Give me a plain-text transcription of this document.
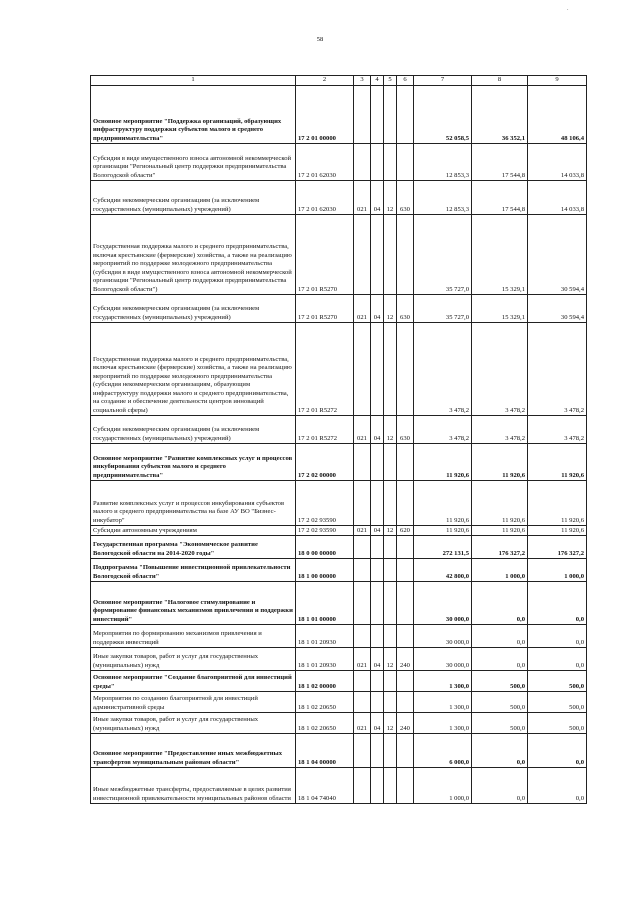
58
1	2	3	4	5	6	7	8	9
Основное мероприятие "Поддержка организаций, образующих инфраструктуру поддержки субъектов малого и среднего предпринимательства"	17 2 01 00000					52 058,5	36 352,1	48 106,4
Субсидия в виде имущественного взноса автономной некоммерческой организации "Региональный центр поддержки предпринимательства Вологодской области"	17 2 01 62030					12 853,3	17 544,8	14 033,8
Субсидии некоммерческим организациям (за исключением государственных (муниципальных) учреждений)	17 2 01 62030	021	04	12	630	12 853,3	17 544,8	14 033,8
Государственная поддержка малого и среднего предпринимательства, включая крестьянские (фермерские) хозяйства, а также на реализацию мероприятий по поддержке молодежного предпринимательства (субсидия в виде имущественного взноса автономной некоммерческой организации "Региональный центр поддержки предпринимательства Вологодской области")	17 2 01 R5270					35 727,0	15 329,1	30 594,4
Субсидии некоммерческим организациям (за исключением государственных (муниципальных) учреждений)	17 2 01 R5270	021	04	12	630	35 727,0	15 329,1	30 594,4
Государственная поддержка малого и среднего предпринимательства, включая крестьянские (фермерские) хозяйства, а также на реализацию мероприятий по поддержке молодежного предпринимательства (субсидия некоммерческим организациям, образующим инфраструктуру поддержки малого и среднего предпринимательства, на создание и обеспечение деятельности центров инноваций социальной сферы)	17 2 01 R5272					3 478,2	3 478,2	3 478,2
Субсидии некоммерческим организациям (за исключением государственных (муниципальных) учреждений)	17 2 01 R5272	021	04	12	630	3 478,2	3 478,2	3 478,2
Основное мероприятие "Развитие комплексных услуг и процессов инкубирования субъектов малого и среднего предпринимательства"	17 2 02 00000					11 920,6	11 920,6	11 920,6
Развитие комплексных услуг и процессов инкубирования субъектов малого и среднего предпринимательства на базе АУ ВО "Бизнес-инкубатор"	17 2 02 93590					11 920,6	11 920,6	11 920,6
Субсидии автономным учреждениям	17 2 02 93590	021	04	12	620	11 920,6	11 920,6	11 920,6
Государственная программа "Экономическое развитие Вологодской области на 2014-2020 годы"	18 0 00 00000					272 131,5	176 327,2	176 327,2
Подпрограмма "Повышение инвестиционной привлекательности Вологодской области"	18 1 00 00000					42 800,0	1 000,0	1 000,0
Основное мероприятие "Налоговое стимулирование и формирование финансовых механизмов привлечения и поддержки инвестиций"	18 1 01 00000					30 000,0	0,0	0,0
Мероприятия по формированию механизмов привлечения и поддержки инвестиций	18 1 01 20930					30 000,0	0,0	0,0
Иные закупки товаров, работ и услуг для государственных (муниципальных) нужд	18 1 01 20930	021	04	12	240	30 000,0	0,0	0,0
Основное мероприятие "Создание благоприятной для инвестиций среды"	18 1 02 00000					1 300,0	500,0	500,0
Мероприятия по созданию благоприятной для инвестиций административной среды	18 1 02 20650					1 300,0	500,0	500,0
Иные закупки товаров, работ и услуг для государственных (муниципальных) нужд	18 1 02 20650	021	04	12	240	1 300,0	500,0	500,0
Основное мероприятие "Предоставление иных межбюджетных трансфертов муниципальным районам области"	18 1 04 00000					6 000,0	0,0	0,0
Иные межбюджетные трансферты, предоставляемые в целях развития инвестиционной привлекательности муниципальных районов области	18 1 04 74040					1 000,0	0,0	0,0
.
